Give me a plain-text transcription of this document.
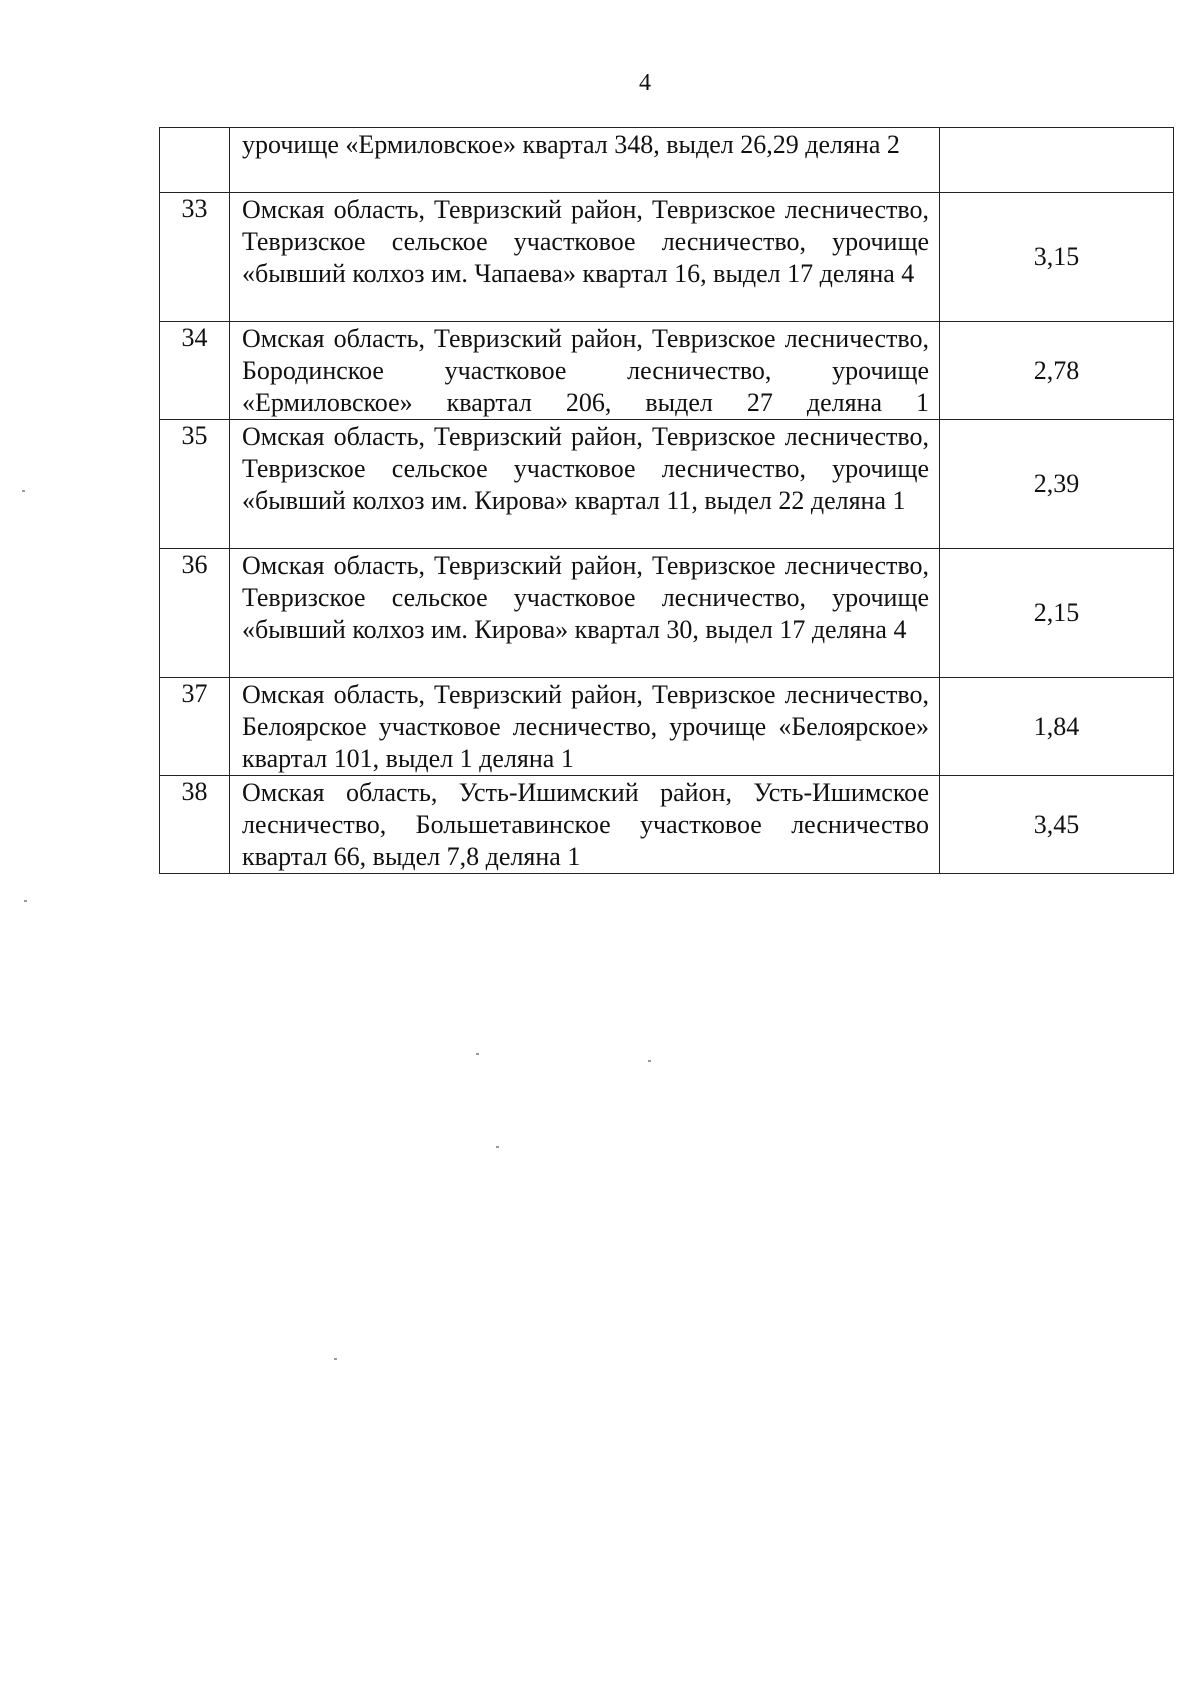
4

	урочище «Ермиловское» квартал 348, выдел 26,29 деляна 2	

33	Омская область, Тевризский район, Тевризское лесничество, Тевризское сельское участковое лесничество, урочище «бывший колхоз им. Чапаева» квартал 16, выдел 17 деляна 4	3,15
34	Омская область, Тевризский район, Тевризское лесничество, Бородинское участковое лесничество, урочище «Ермиловское» квартал 206, выдел 27 деляна 1	2,78
35	Омская область, Тевризский район, Тевризское лесничество, Тевризское сельское участковое лесничество, урочище «бывший колхоз им. Кирова» квартал 11, выдел 22 деляна 1	2,39
36	Омская область, Тевризский район, Тевризское лесничество, Тевризское сельское участковое лесничество, урочище «бывший колхоз им. Кирова» квартал 30, выдел 17 деляна 4	2,15
37	Омская область, Тевризский район, Тевризское лесничество, Белоярское участковое лесничество, урочище «Белоярское» квартал 101, выдел 1 деляна 1	1,84
38	Омская область, Усть-Ишимский район, Усть-Ишимское лесничество, Большетавинское участковое лесничество квартал 66, выдел 7,8 деляна 1	3,45
